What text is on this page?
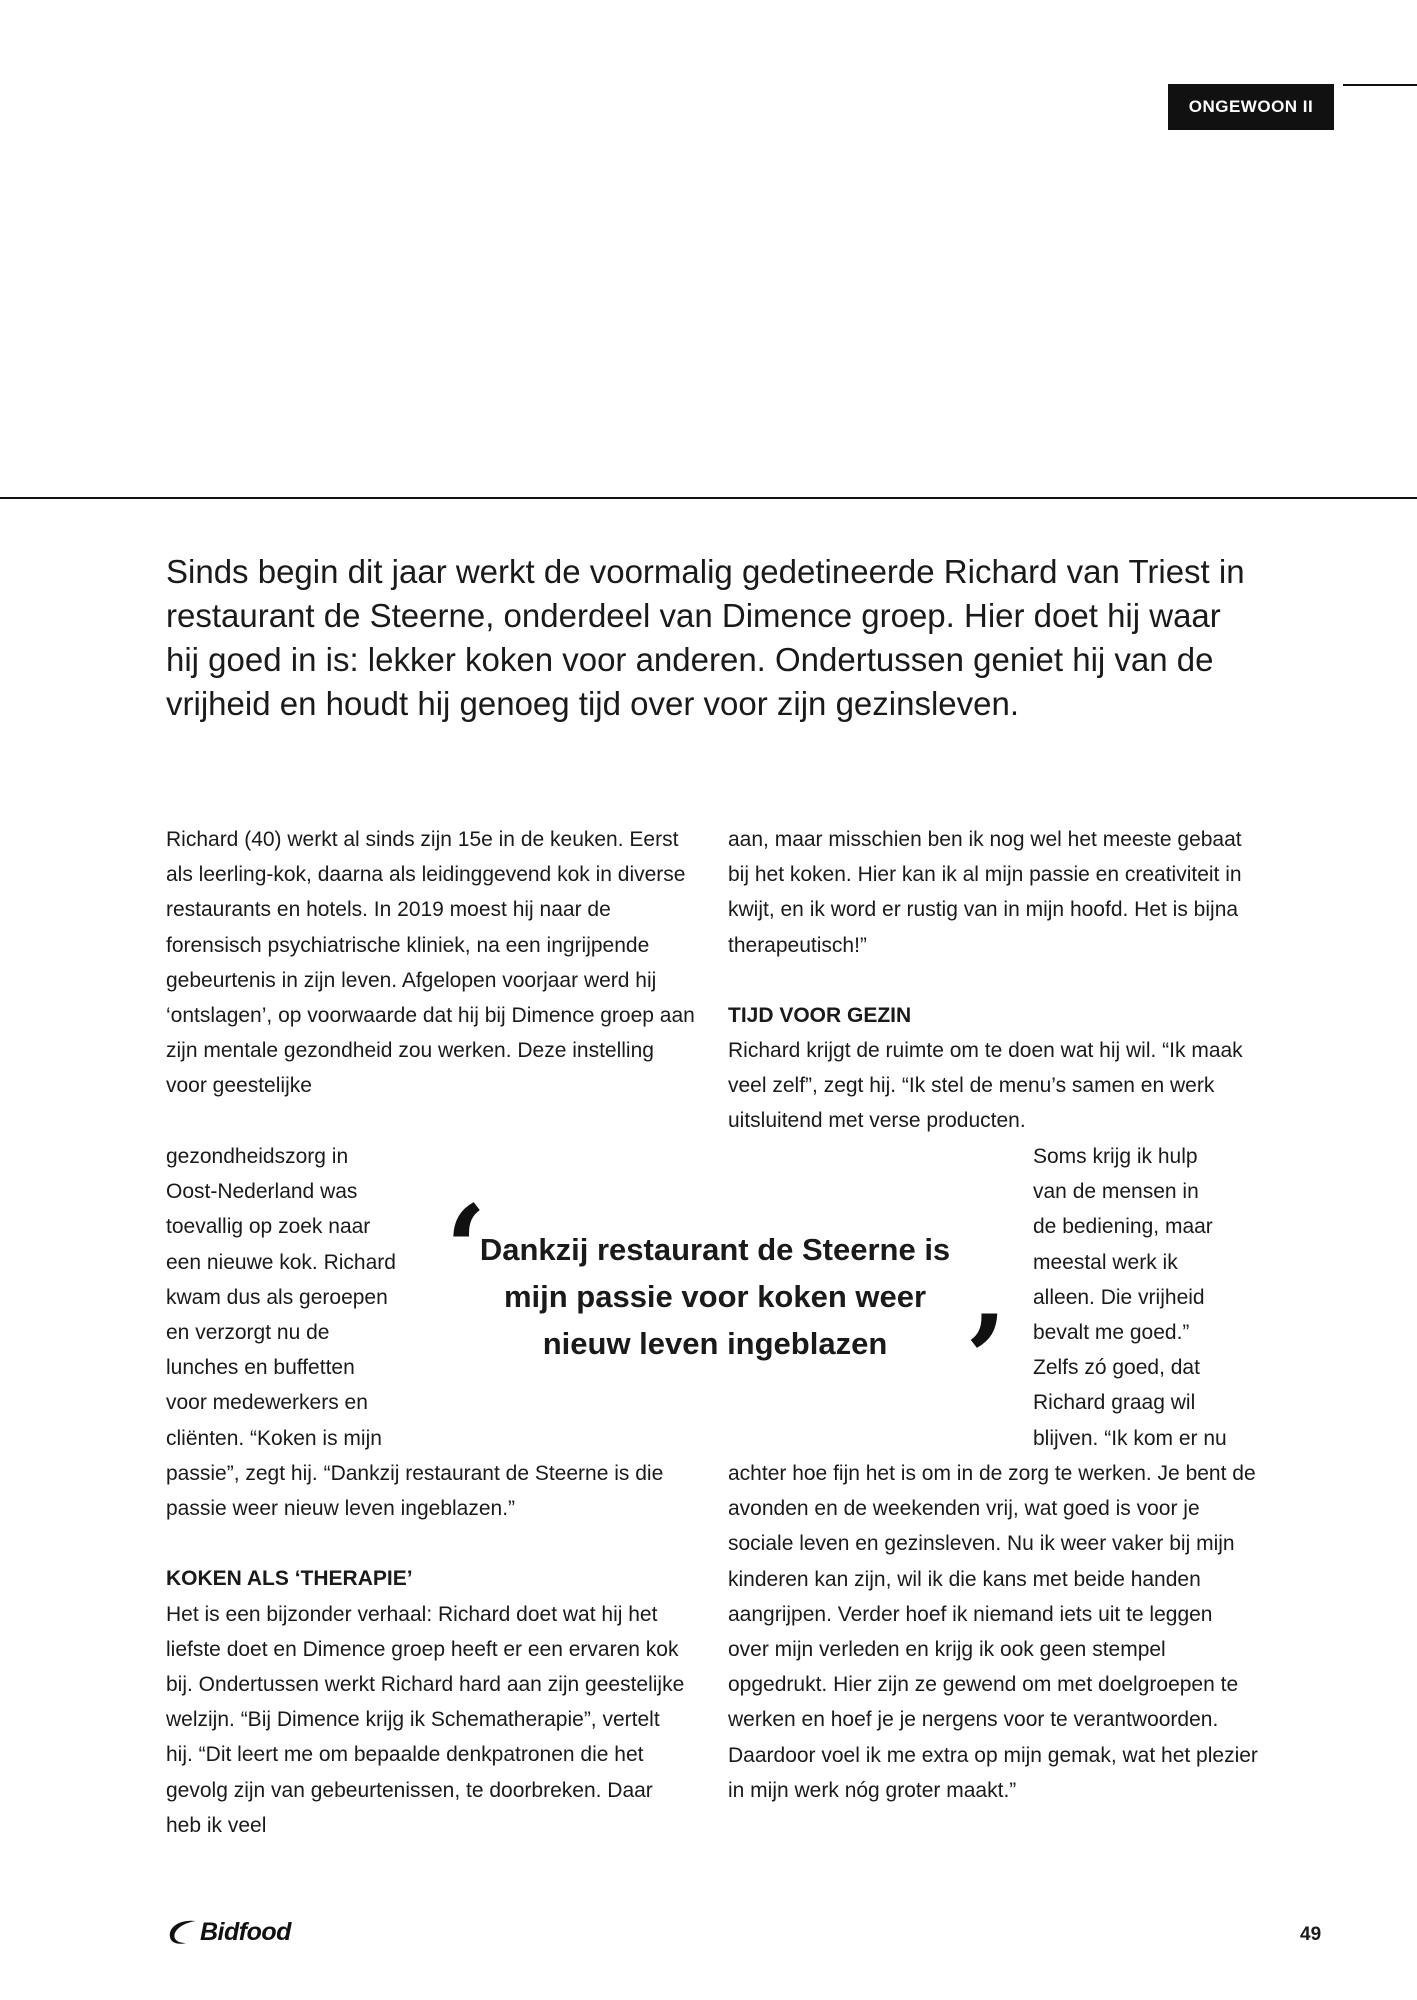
ONGEWOON II

Sinds begin dit jaar werkt de voormalig gedetineerde Richard van Triest in restaurant de Steerne, onderdeel van Dimence groep. Hier doet hij waar hij goed in is: lekker koken voor anderen. Ondertussen geniet hij van de vrijheid en houdt hij genoeg tijd over voor zijn gezinsleven.

Richard (40) werkt al sinds zijn 15e in de keuken. Eerst als leerling-kok, daarna als leidinggevend kok in diverse restaurants en hotels. In 2019 moest hij naar de forensisch psychiatrische kliniek, na een ingrijpende gebeurtenis in zijn leven. Afgelopen voorjaar werd hij ‘ontslagen’, op voorwaarde dat hij bij Dimence groep aan zijn mentale gezondheid zou werken. Deze instelling voor geestelijke

gezondheidszorg in

Oost-Nederland was

toevallig op zoek naar

een nieuwe kok. Richard

kwam dus als geroepen

en verzorgt nu de

lunches en buffetten

voor medewerkers en

cliënten. “Koken is mijn

passie”, zegt hij. “Dankzij restaurant de Steerne is die passie weer nieuw leven ingeblazen.”

KOKEN ALS ‘THERAPIE’

Het is een bijzonder verhaal: Richard doet wat hij het liefste doet en Dimence groep heeft er een ervaren kok bij. Ondertussen werkt Richard hard aan zijn geestelijke welzijn. “Bij Dimence krijg ik Schematherapie”, vertelt hij. “Dit leert me om bepaalde denkpatronen die het gevolg zijn van gebeurtenissen, te doorbreken. Daar heb ik veel

aan, maar misschien ben ik nog wel het meeste gebaat bij het koken. Hier kan ik al mijn passie en creativiteit in kwijt, en ik word er rustig van in mijn hoofd. Het is bijna therapeutisch!”

TIJD VOOR GEZIN

Richard krijgt de ruimte om te doen wat hij wil. “Ik maak veel zelf”, zegt hij. “Ik stel de menu’s samen en werk uitsluitend met verse producten.

Soms krijg ik hulp

van de mensen in

de bediening, maar

meestal werk ik

alleen. Die vrijheid

bevalt me goed.”

Zelfs zó goed, dat

Richard graag wil

blijven. “Ik kom er nu

achter hoe fijn het is om in de zorg te werken. Je bent de avonden en de weekenden vrij, wat goed is voor je sociale leven en gezinsleven. Nu ik weer vaker bij mijn kinderen kan zijn, wil ik die kans met beide handen aangrijpen. Verder hoef ik niemand iets uit te leggen over mijn verleden en krijg ik ook geen stempel opgedrukt. Hier zijn ze gewend om met doelgroepen te werken en hoef je je nergens voor te verantwoorden. Daardoor voel ik me extra op mijn gemak, wat het plezier in mijn werk nóg groter maakt.”

‘

Dankzij restaurant de Steerne is mijn passie voor koken weer nieuw leven ingeblazen ’
Bidfood	49
